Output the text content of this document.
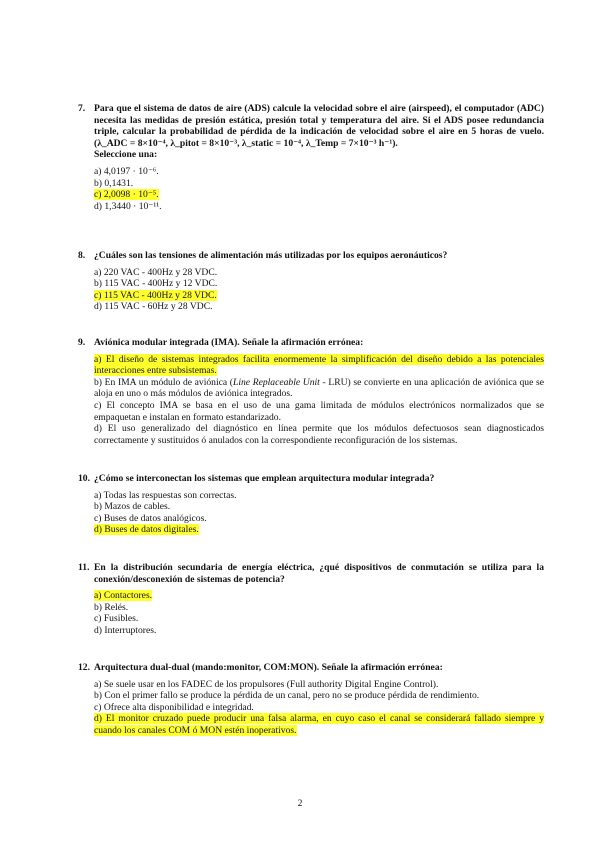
7. Para que el sistema de datos de aire (ADS) calcule la velocidad sobre el aire (airspeed), el computador (ADC) necesita las medidas de presión estática, presión total y temperatura del aire. Si el ADS posee redundancia triple, calcular la probabilidad de pérdida de la indicación de velocidad sobre el aire en 5 horas de vuelo. (λ_ADC = 8×10⁻⁴, λ_pitot = 8×10⁻³, λ_static = 10⁻⁴, λ_Temp = 7×10⁻³ h⁻¹).
Seleccione una:
a) 4,0197 · 10⁻⁶.
b) 0,1431.
c) 2,0098 · 10⁻⁵.
d) 1,3440 · 10⁻¹¹.
8. ¿Cuáles son las tensiones de alimentación más utilizadas por los equipos aeronáuticos?
a) 220 VAC - 400Hz y 28 VDC.
b) 115 VAC - 400Hz y 12 VDC.
c) 115 VAC - 400Hz y 28 VDC.
d) 115 VAC - 60Hz y 28 VDC.
9. Aviónica modular integrada (IMA). Señale la afirmación errónea:
a) El diseño de sistemas integrados facilita enormemente la simplificación del diseño debido a las potenciales interacciones entre subsistemas.
b) En IMA un módulo de aviónica (Line Replaceable Unit - LRU) se convierte en una aplicación de aviónica que se aloja en uno o más módulos de aviónica integrados.
c) El concepto IMA se basa en el uso de una gama limitada de módulos electrónicos normalizados que se empaquetan e instalan en formato estandarizado.
d) El uso generalizado del diagnóstico en línea permite que los módulos defectuosos sean diagnosticados correctamente y sustituidos ó anulados con la correspondiente reconfiguración de los sistemas.
10. ¿Cómo se interconectan los sistemas que emplean arquitectura modular integrada?
a) Todas las respuestas son correctas.
b) Mazos de cables.
c) Buses de datos analógicos.
d) Buses de datos digitales.
11. En la distribución secundaria de energía eléctrica, ¿qué dispositivos de conmutación se utiliza para la conexión/desconexión de sistemas de potencia?
a) Contactores.
b) Relés.
c) Fusibles.
d) Interruptores.
12. Arquitectura dual-dual (mando:monitor, COM:MON). Señale la afirmación errónea:
a) Se suele usar en los FADEC de los propulsores (Full authority Digital Engine Control).
b) Con el primer fallo se produce la pérdida de un canal, pero no se produce pérdida de rendimiento.
c) Ofrece alta disponibilidad e integridad.
d) El monitor cruzado puede producir una falsa alarma, en cuyo caso el canal se considerará fallado siempre y cuando los canales COM ó MON estén inoperativos.
2
